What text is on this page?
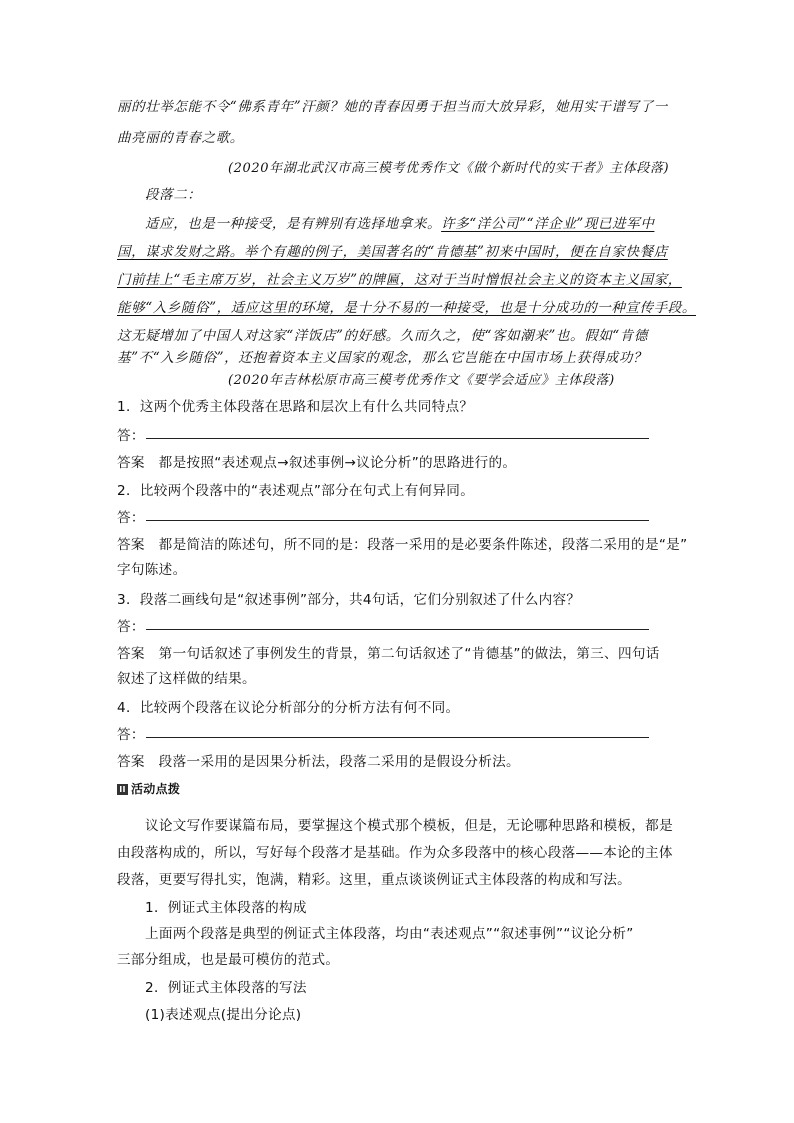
丽的壮举怎能不令“佛系青年”汗颜？她的青春因勇于担当而大放异彩，她用实干谱写了一
曲亮丽的青春之歌。
(2020年湖北武汉市高三模考优秀作文《做个新时代的实干者》主体段落)
段落二：
适应，也是一种接受，是有辨别有选择地拿来。许多“洋公司”“洋企业”现已进军中
国，谋求发财之路。举个有趣的例子，美国著名的“肯德基”初来中国时，便在自家快餐店
门前挂上“毛主席万岁，社会主义万岁”的牌匾，这对于当时憎恨社会主义的资本主义国家，
能够“入乡随俗”，适应这里的环境，是十分不易的一种接受，也是十分成功的一种宣传手段。
这无疑增加了中国人对这家“洋饭店”的好感。久而久之，使“客如潮来”也。假如“肯德
基”不“入乡随俗”，还抱着资本主义国家的观念，那么它岂能在中国市场上获得成功？
(2020年吉林松原市高三模考优秀作文《要学会适应》主体段落)
1．这两个优秀主体段落在思路和层次上有什么共同特点？
答：
答案 都是按照“表述观点→叙述事例→议论分析”的思路进行的。
2．比较两个段落中的“表述观点”部分在句式上有何异同。
答：
答案 都是简洁的陈述句，所不同的是：段落一采用的是必要条件陈述，段落二采用的是“是”
字句陈述。
3．段落二画线句是“叙述事例”部分，共4句话，它们分别叙述了什么内容？
答：
答案 第一句话叙述了事例发生的背景，第二句话叙述了“肯德基”的做法，第三、四句话
叙述了这样做的结果。
4．比较两个段落在议论分析部分的分析方法有何不同。
答：
答案 段落一采用的是因果分析法，段落二采用的是假设分析法。
II 活动点拨
议论文写作要谋篇布局，要掌握这个模式那个模板，但是，无论哪种思路和模板，都是
由段落构成的，所以，写好每个段落才是基础。作为众多段落中的核心段落——本论的主体
段落，更要写得扎实，饱满，精彩。这里，重点谈谈例证式主体段落的构成和写法。
1．例证式主体段落的构成
上面两个段落是典型的例证式主体段落，均由“表述观点”“叙述事例”“议论分析”
三部分组成，也是最可模仿的范式。
2．例证式主体段落的写法
(1)表述观点(提出分论点)
